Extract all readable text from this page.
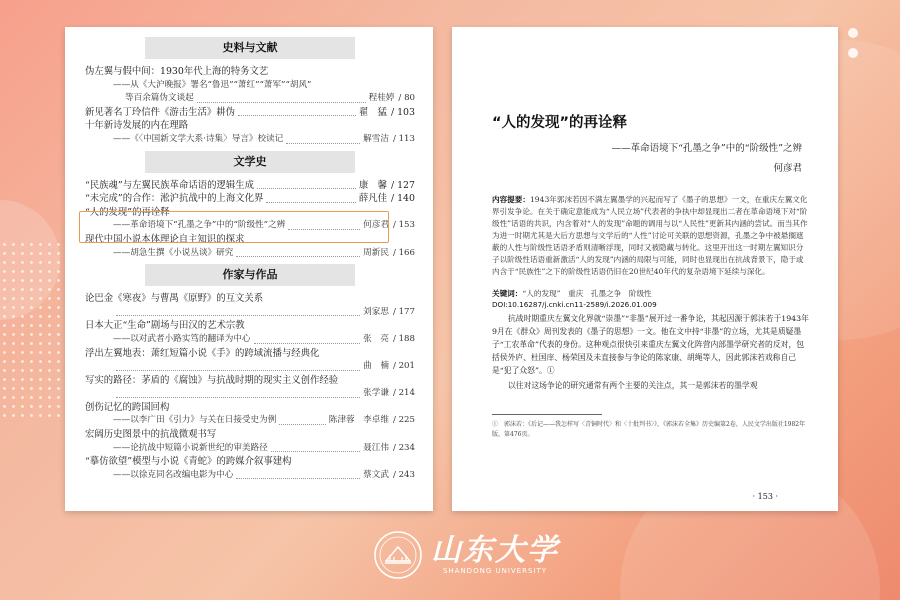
史料与文献
伪左翼与假中间：1930年代上海的特务文艺
——从《大沪晚报》署名“鲁迅”“萧红”“萧军”“胡风”
等百余篇伪文谈起	程桂婷 / 80
新见著名丁玲信件《游击生活》耕伪	翟　猛 / 103
十年新诗发展的内在理路
——《〈中国新文学大系·诗集〉导言》校读记	解雪洁 / 113
文学史
“民族魂”与左翼民族革命话语的逻辑生成	康　馨 / 127
“未完成”的合作：淞沪抗战中的上海文化界	薛凡佳 / 140
“人的发现”的再诠释
——革命语境下“孔墨之争”中的“阶级性”之辨	何彦君 / 153
现代中国小说本体理论自主知识的探求
——胡急生撰《小说丛谈》研究	周新民 / 166
作家与作品
论巴金《寒夜》与曹禺《原野》的互文关系
刘家思 / 177
日本大正“生命”剧场与田汉的艺术宗教
——以对武者小路实笃的翻译为中心	张　亮 / 188
浮出左翼地表：萧红短篇小说《手》的跨域流播与经典化
曲　楠 / 201
写实的路径：茅盾的《腐蚀》与抗战时期的现实主义创作经验
张学谦 / 214
创伤记忆的跨国回构
——以李广田《引力》与关在日接受史为例	陈津蓉　李卓维 / 225
宏阔历史图景中的抗战微观书写
——论抗战中短篇小说新世纪的审美路径	聂江伟 / 234
“摹仿欲望”模型与小说《青蛇》的跨媒介叙事建构
——以徐克同名改编电影为中心	蔡文武 / 243
“人的发现”的再诠释
——革命语境下“孔墨之争”中的“阶级性”之辨
何彦君
内容提要：1943年郭沫若因不满左翼墨学的兴起而写了《墨子的思想》一文，在重庆左翼文化界引发争论。在关于确定意能成为“人民立场”代表者的争执中却显现出二者在革命语境下对“阶级性”话语的共识，内含着对“人的发现”命题的调用与以“人民性”更新其内涵的尝试。而当其作为进一时期尤其是大后方思想与文学后的“人性”讨论可关联的思想资源，孔墨之争中被悬搁遮蔽的人性与阶级性话语矛盾则清晰浮现，同时又被隐藏与转化。这里开出这一时期左翼知识分子以阶级性话语重新激活“人的发现”内涵的局限与可能，同时也显现出在抗战背景下，隐于或内含于“民族性”之下的阶级性话语仍旧在20世纪40年代的复杂语境下延续与深化。
关键词：“人的发现”　重庆　孔墨之争　阶级性
DOI:10.16287/j.cnki.cn11-2589/i.2026.01.009

抗战时期重庆左翼文化界就“崇墨”“非墨”展开过一番争论，其起因源于郭沫若于1943年9月在《群众》周刊发表的《墨子的思想》一文。他在文中持“非墨”的立场，尤其是质疑墨子“工农革命”代表的身份。这种观点很快引来重庆左翼文化阵营内部墨学研究者的反对，包括侯外庐、杜国庠、杨荣国及未直接参与争论的陈家康、胡绳等人，因此郭沫若戏称自己是“犯了众怒”。①

以往对这场争论的研究通常有两个主要的关注点，其一是郭沫若的墨学观

①　郭沫若：《后记——我怎样写〈青铜时代〉和〈十批判书〉》，《郭沫若全集》历史编第2卷，人民文学出版社1982年版，第476页。
· 153 ·
山东大学
SHANDONG UNIVERSITY
